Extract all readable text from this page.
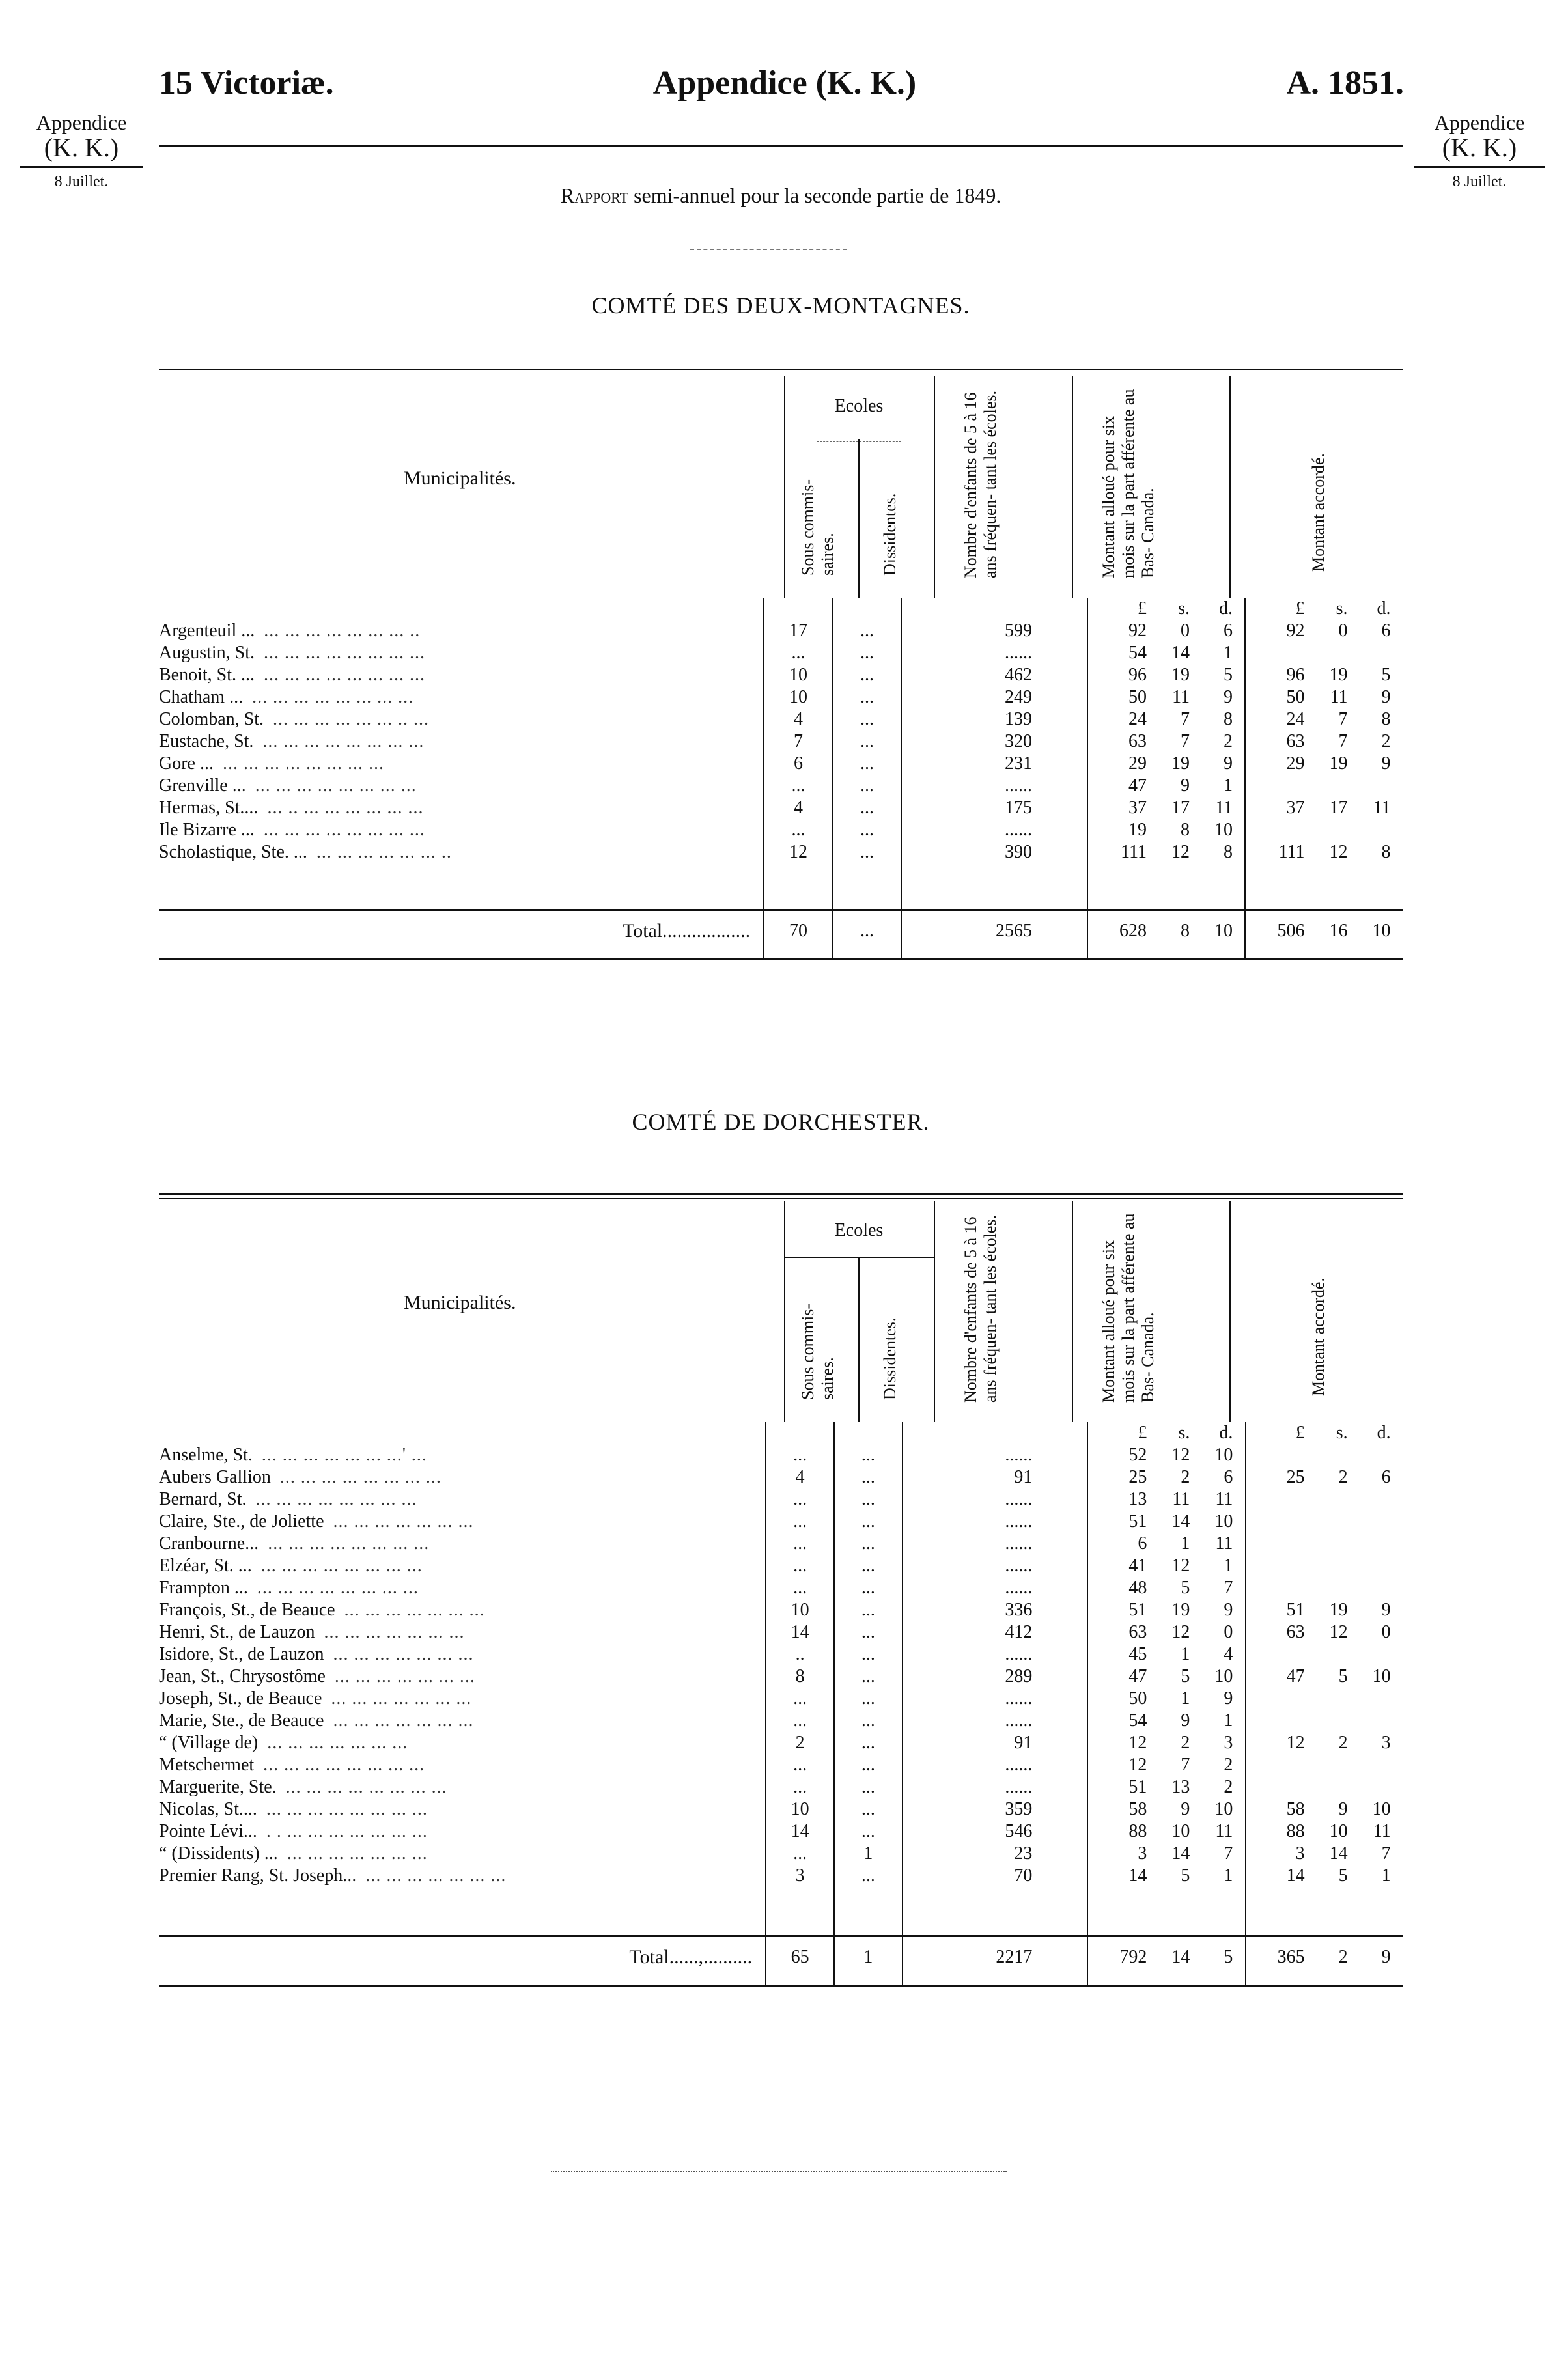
15 Victoriæ.	Appendice (K. K.)	A. 1851.
Appendice
(K. K.)
8 Juillet.
Appendice
(K. K.)
8 Juillet.
Rapport semi-annuel pour la seconde partie de 1849.
COMTÉ DES DEUX-MONTAGNES.
Municipalités.
Ecoles
Sous commis- saires.	Dissidentes.	Nombre d'enfants de 5 à 16 ans fréquen- tant les écoles.	Montant alloué pour six mois sur la part afférente au Bas- Canada.	Montant accordé.

				£ s. d.	£ s. d.

Argenteuil ... ... ... ... ... ... ... ... ..	17	...	599	92 0 6	92 0 6

Augustin, St. ... ... ... ... ... ... ... ...	...	...	......	54 14 1	

Benoit, St. ... ... ... ... ... ... ... ... ...	10	...	462	96 19 5	96 19 5

Chatham ... ... ... ... ... ... ... ... ...	10	...	249	50 11 9	50 11 9

Colomban, St. ... ... ... ... ... ... .. ...	4	...	139	24 7 8	24 7 8

Eustache, St. ... ... ... ... ... ... ... ...	7	...	320	63 7 2	63 7 2

Gore ... ... ... ... ... ... ... ... ...	6	...	231	29 19 9	29 19 9

Grenville ... ... ... ... ... ... ... ... ...	...	...	......	47 9 1	

Hermas, St.... ... .. ... ... ... ... ... ...	4	...	175	37 17 11	37 17 11

Ile Bizarre ... ... ... ... ... ... ... ... ...	...	...	......	19 8 10	

Scholastique, Ste. ... ... ... ... ... ... ... ..	12	...	390	111 12 8	111 12 8

Total..................	70	...	2565	628 8 10	506 16 10
COMTÉ DE DORCHESTER.
Municipalités.
Ecoles
Sous commis- saires.	Dissidentes.	Nombre d'enfants de 5 à 16 ans fréquen- tant les écoles.	Montant alloué pour six mois sur la part afférente au Bas- Canada.	Montant accordé.

				£ s. d.	£ s. d.

Anselme, St. ... ... ... ... ... ... ...' ...	...	...	......	52 12 10	

Aubers Gallion ... ... ... ... ... ... ... ...	4	...	91	25 2 6	25 2 6

Bernard, St. ... ... ... ... ... ... ... ...	...	...	......	13 11 11	

Claire, Ste., de Joliette ... ... ... ... ... ... ...	...	...	......	51 14 10	

Cranbourne... ... ... ... ... ... ... ... ...	...	...	......	6 1 11	

Elzéar, St. ... ... ... ... ... ... ... ... ...	...	...	......	41 12 1	

Frampton ... ... ... ... ... ... ... ... ...	...	...	......	48 5 7	

François, St., de Beauce ... ... ... ... ... ... ...	10	...	336	51 19 9	51 19 9

Henri, St., de Lauzon ... ... ... ... ... ... ...	14	...	412	63 12 0	63 12 0

Isidore, St., de Lauzon ... ... ... ... ... ... ...	..	...	......	45 1 4	

Jean, St., Chrysostôme ... ... ... ... ... ... ...	8	...	289	47 5 10	47 5 10

Joseph, St., de Beauce ... ... ... ... ... ... ...	...	...	......	50 1 9	

Marie, Ste., de Beauce ... ... ... ... ... ... ...	...	...	......	54 9 1	

“ (Village de) ... ... ... ... ... ... ...	2	...	91	12 2 3	12 2 3

Metschermet ... ... ... ... ... ... ... ...	...	...	......	12 7 2	

Marguerite, Ste. ... ... ... ... ... ... ... ...	...	...	......	51 13 2	

Nicolas, St.... ... ... ... ... ... ... ... ...	10	...	359	58 9 10	58 9 10

Pointe Lévi... . . ... ... ... ... ... ... ...	14	...	546	88 10 11	88 10 11

“ (Dissidents) ... ... ... ... ... ... ... ...	...	1	23	3 14 7	3 14 7

Premier Rang, St. Joseph... ... ... ... ... ... ... ...	3	...	70	14 5 1	14 5 1

Total......,..........	65	1	2217	792 14 5	365 2 9
